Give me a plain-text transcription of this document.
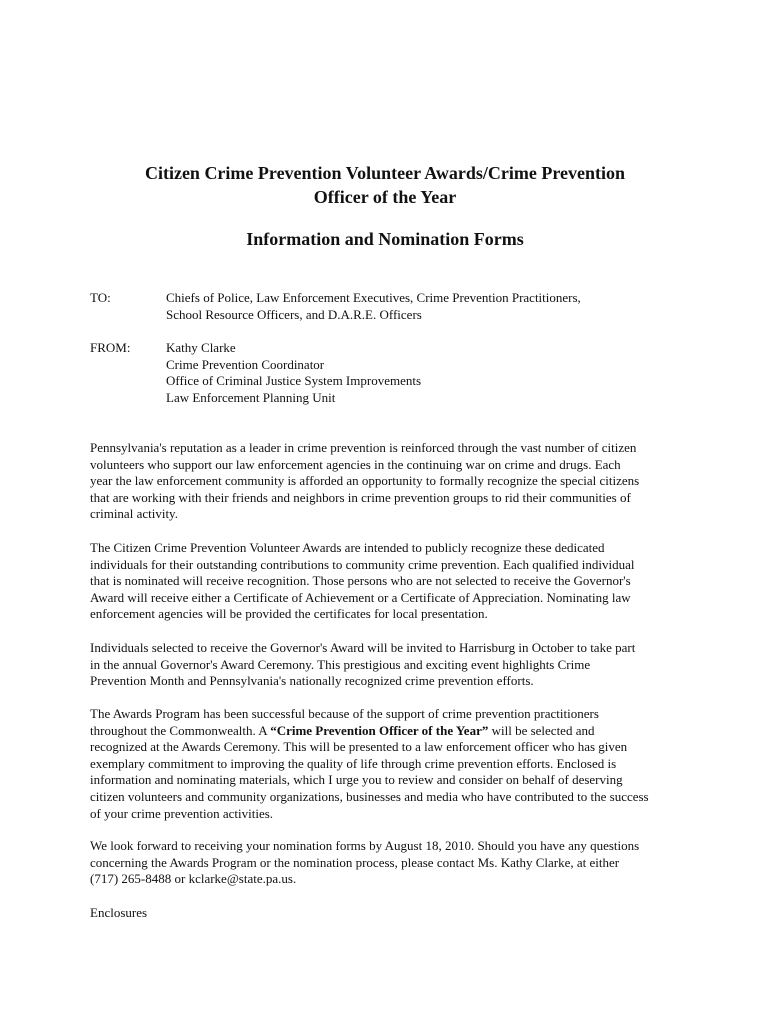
Citizen Crime Prevention Volunteer Awards/Crime Prevention
Officer of the Year
Information and Nomination Forms
TO:	Chiefs of Police, Law Enforcement Executives, Crime Prevention Practitioners,
School Resource Officers, and D.A.R.E. Officers
FROM:	Kathy Clarke
Crime Prevention Coordinator
Office of Criminal Justice System Improvements
Law Enforcement Planning Unit
Pennsylvania's reputation as a leader in crime prevention is reinforced through the vast number of citizen
volunteers who support our law enforcement agencies in the continuing war on crime and drugs. Each
year the law enforcement community is afforded an opportunity to formally recognize the special citizens
that are working with their friends and neighbors in crime prevention groups to rid their communities of
criminal activity.
The Citizen Crime Prevention Volunteer Awards are intended to publicly recognize these dedicated
individuals for their outstanding contributions to community crime prevention. Each qualified individual
that is nominated will receive recognition. Those persons who are not selected to receive the Governor's
Award will receive either a Certificate of Achievement or a Certificate of Appreciation. Nominating law
enforcement agencies will be provided the certificates for local presentation.
Individuals selected to receive the Governor's Award will be invited to Harrisburg in October to take part
in the annual Governor's Award Ceremony. This prestigious and exciting event highlights Crime
Prevention Month and Pennsylvania's nationally recognized crime prevention efforts.
The Awards Program has been successful because of the support of crime prevention practitioners
throughout the Commonwealth. A “Crime Prevention Officer of the Year” will be selected and
recognized at the Awards Ceremony. This will be presented to a law enforcement officer who has given
exemplary commitment to improving the quality of life through crime prevention efforts. Enclosed is
information and nominating materials, which I urge you to review and consider on behalf of deserving
citizen volunteers and community organizations, businesses and media who have contributed to the success
of your crime prevention activities.
We look forward to receiving your nomination forms by August 18, 2010. Should you have any questions
concerning the Awards Program or the nomination process, please contact Ms. Kathy Clarke, at either
(717) 265-8488 or kclarke@state.pa.us.
Enclosures
